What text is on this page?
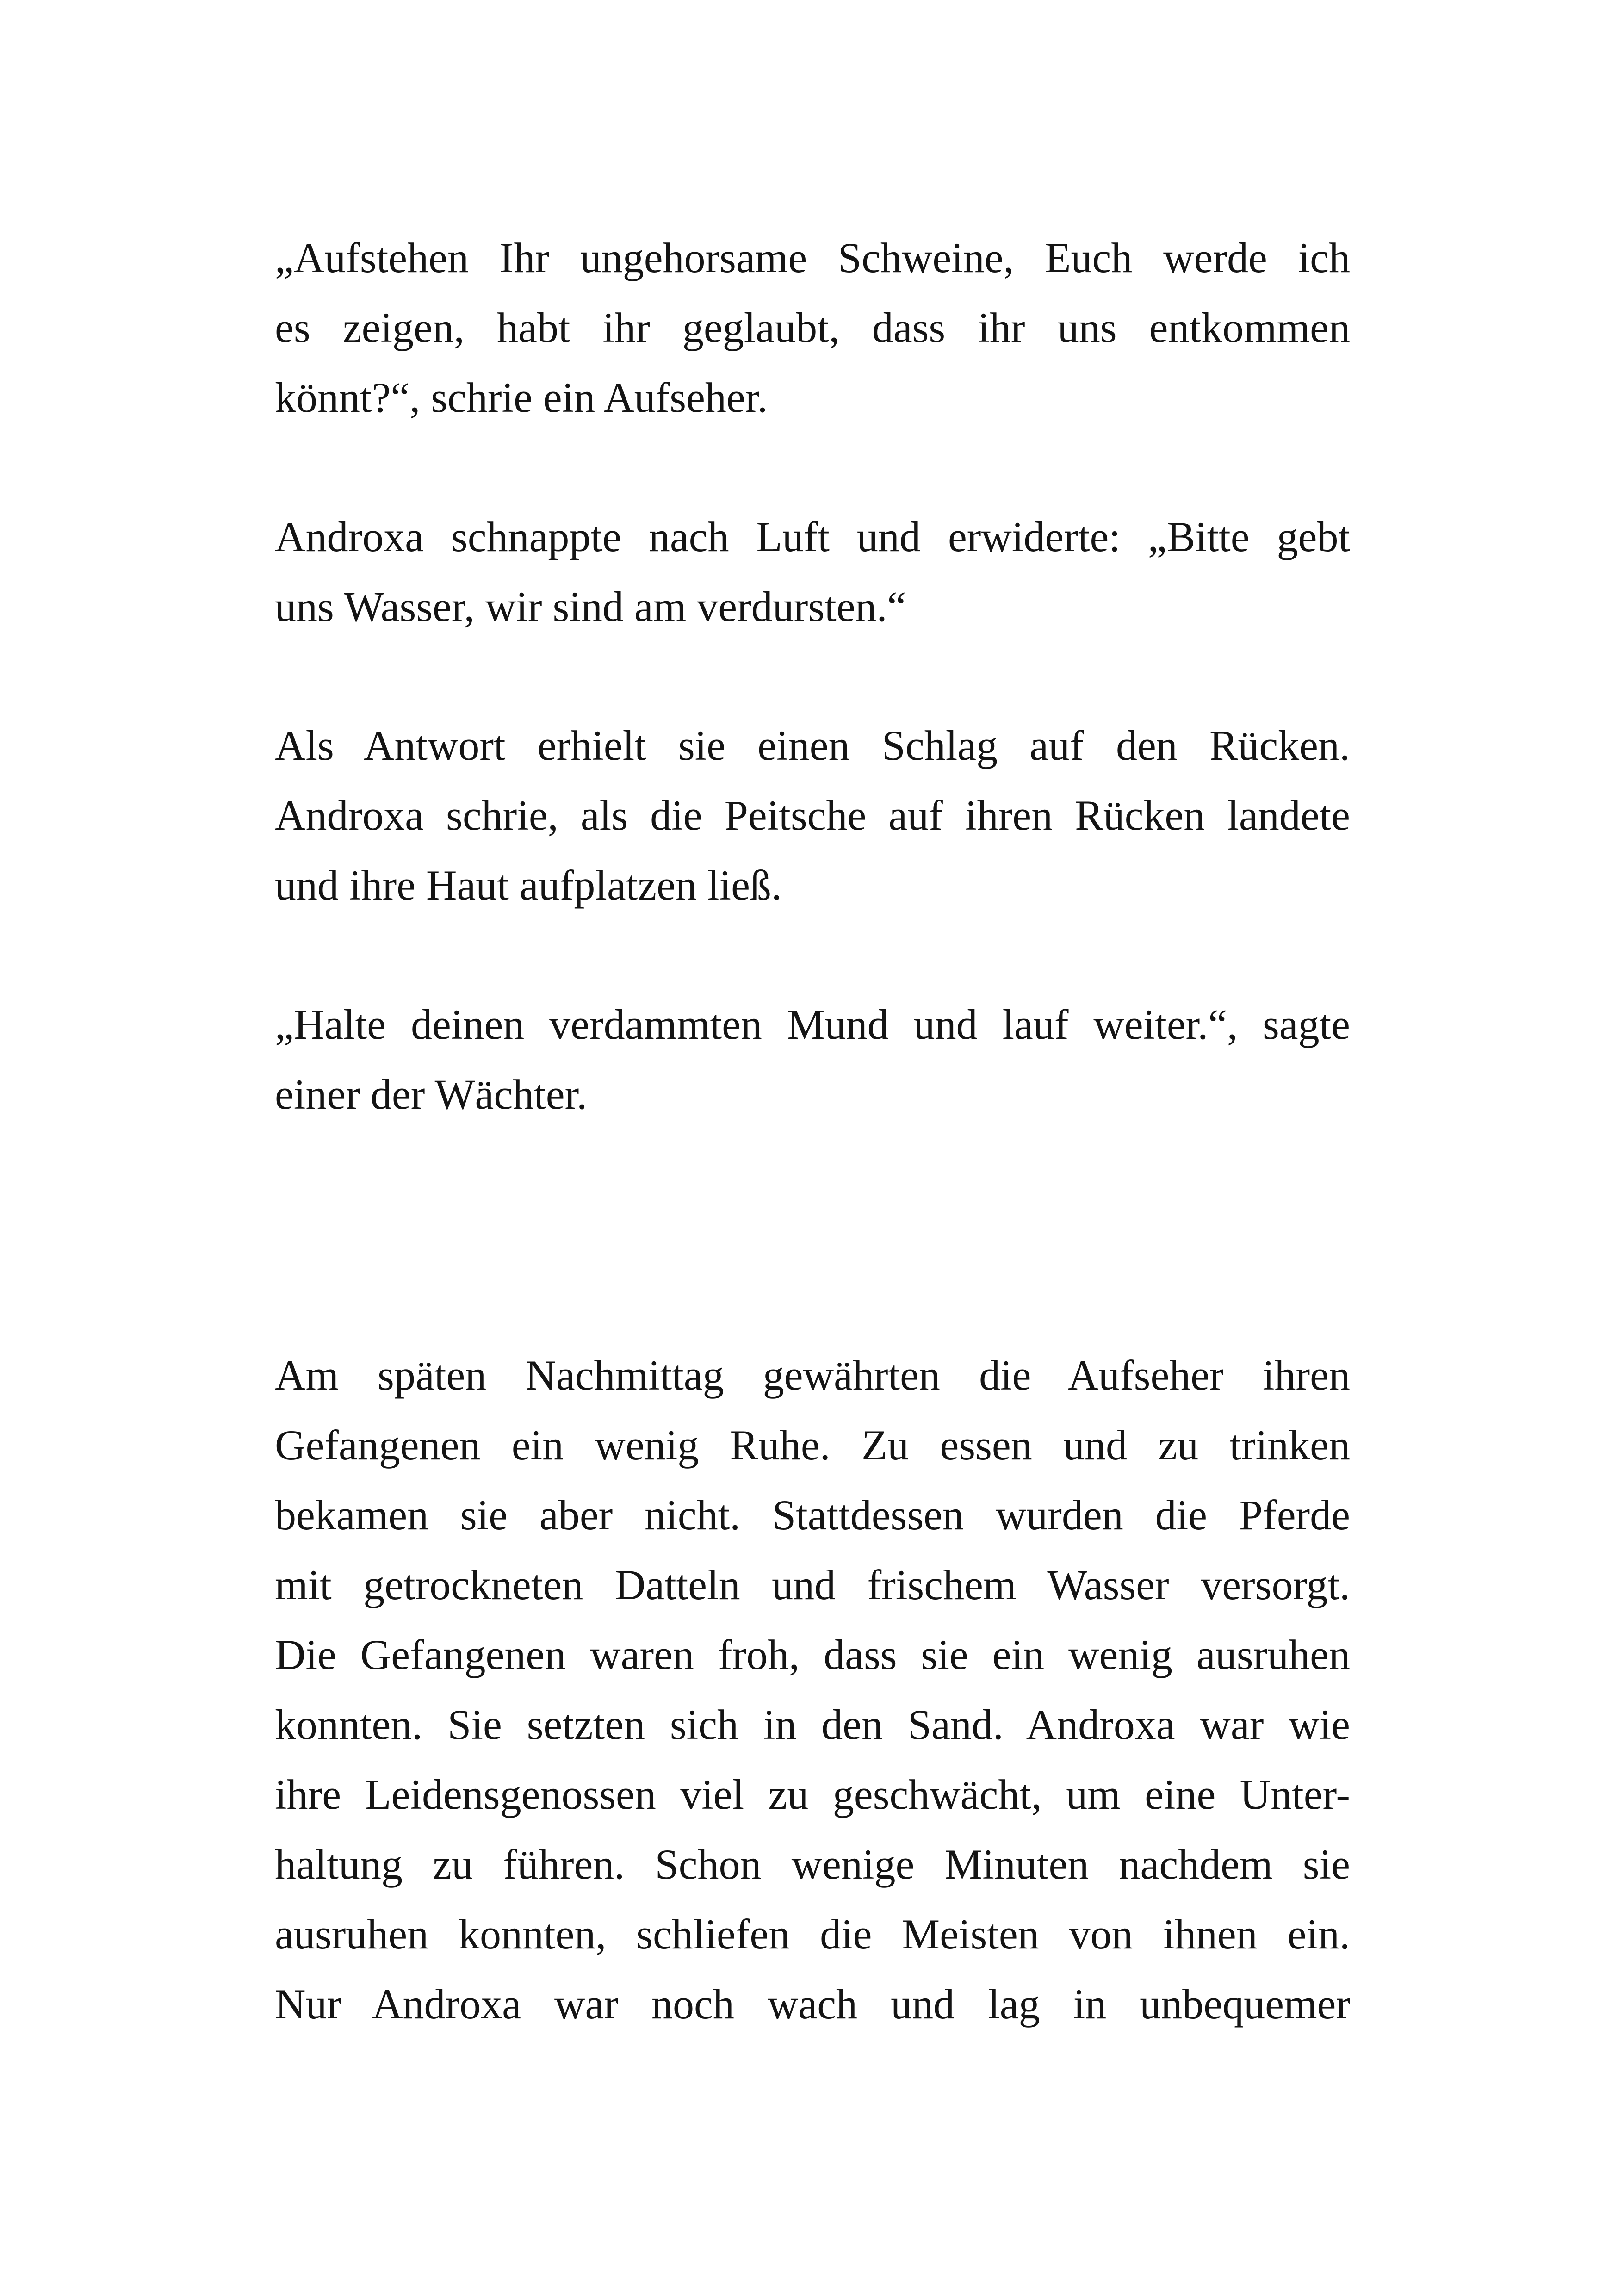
„Aufstehen Ihr ungehorsame Schweine, Euch werde ich
es zeigen, habt ihr geglaubt, dass ihr uns entkommen
könnt?“, schrie ein Aufseher.
Androxa schnappte nach Luft und erwiderte: „Bitte gebt
uns Wasser, wir sind am verdursten.“
Als Antwort erhielt sie einen Schlag auf den Rücken.
Androxa schrie, als die Peitsche auf ihren Rücken landete
und ihre Haut aufplatzen ließ.
„Halte deinen verdammten Mund und lauf weiter.“, sagte
einer der Wächter.
Am späten Nachmittag gewährten die Aufseher ihren
Gefangenen ein wenig Ruhe. Zu essen und zu trinken
bekamen sie aber nicht. Stattdessen wurden die Pferde
mit getrockneten Datteln und frischem Wasser versorgt.
Die Gefangenen waren froh, dass sie ein wenig ausruhen
konnten. Sie setzten sich in den Sand. Androxa war wie
ihre Leidensgenossen viel zu geschwächt, um eine Unter-
haltung zu führen. Schon wenige Minuten nachdem sie
ausruhen konnten, schliefen die Meisten von ihnen ein.
Nur Androxa war noch wach und lag in unbequemer
